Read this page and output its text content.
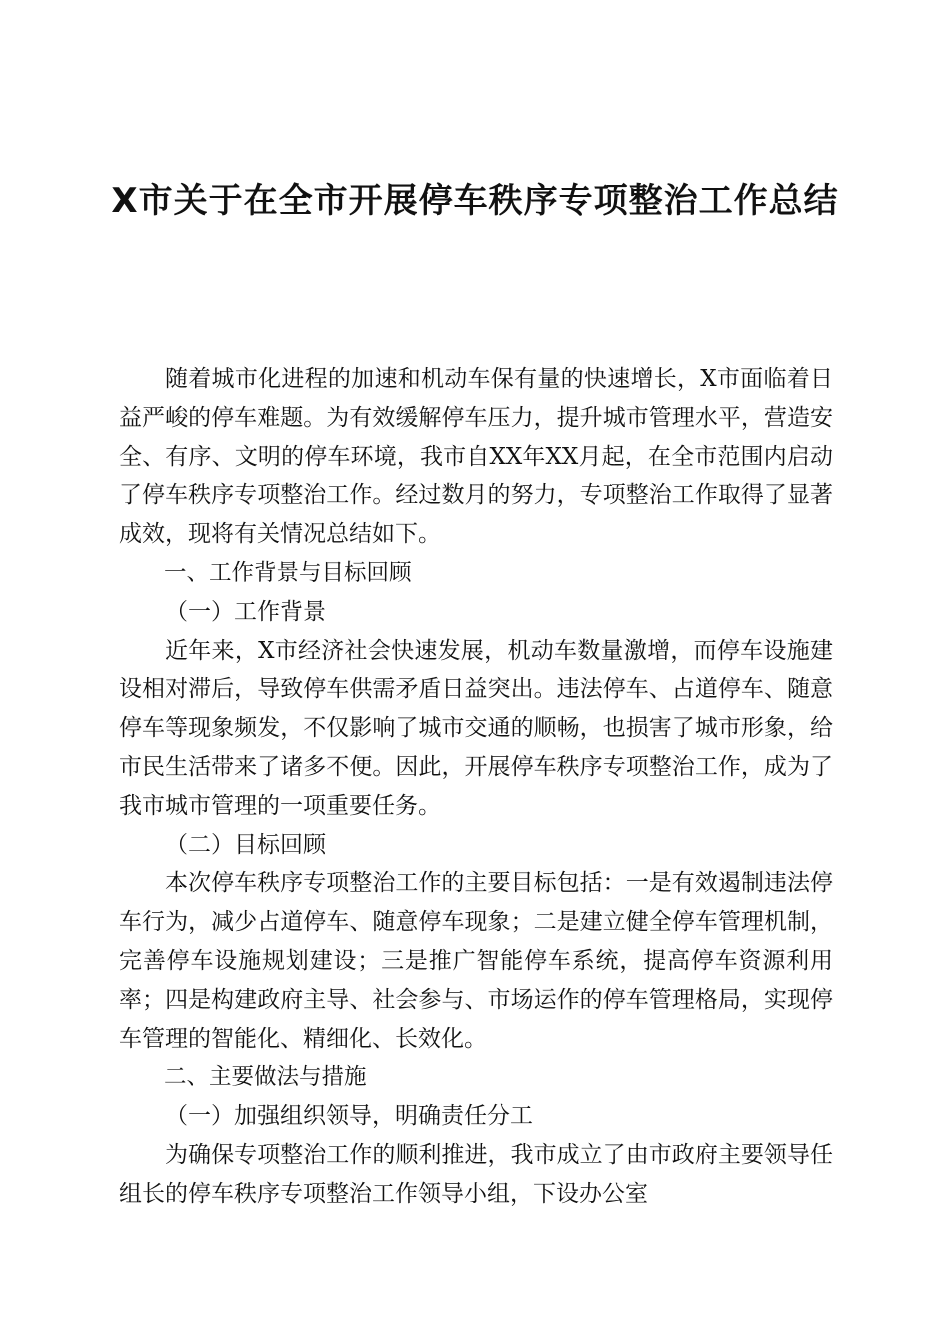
X市关于在全市开展停车秩序专项整治工作总结

随着城市化进程的加速和机动车保有量的快速增长，X市面临着日益严峻的停车难题。为有效缓解停车压力，提升城市管理水平，营造安全、有序、文明的停车环境，我市自XX年XX月起，在全市范围内启动了停车秩序专项整治工作。经过数月的努力，专项整治工作取得了显著成效，现将有关情况总结如下。

一、工作背景与目标回顾

（一）工作背景

近年来，X市经济社会快速发展，机动车数量激增，而停车设施建设相对滞后，导致停车供需矛盾日益突出。违法停车、占道停车、随意停车等现象频发，不仅影响了城市交通的顺畅，也损害了城市形象，给市民生活带来了诸多不便。因此，开展停车秩序专项整治工作，成为了我市城市管理的一项重要任务。

（二）目标回顾

本次停车秩序专项整治工作的主要目标包括：一是有效遏制违法停车行为，减少占道停车、随意停车现象；二是建立健全停车管理机制，完善停车设施规划建设；三是推广智能停车系统，提高停车资源利用率；四是构建政府主导、社会参与、市场运作的停车管理格局，实现停车管理的智能化、精细化、长效化。

二、主要做法与措施

（一）加强组织领导，明确责任分工

为确保专项整治工作的顺利推进，我市成立了由市政府主要领导任组长的停车秩序专项整治工作领导小组，下设办公室
